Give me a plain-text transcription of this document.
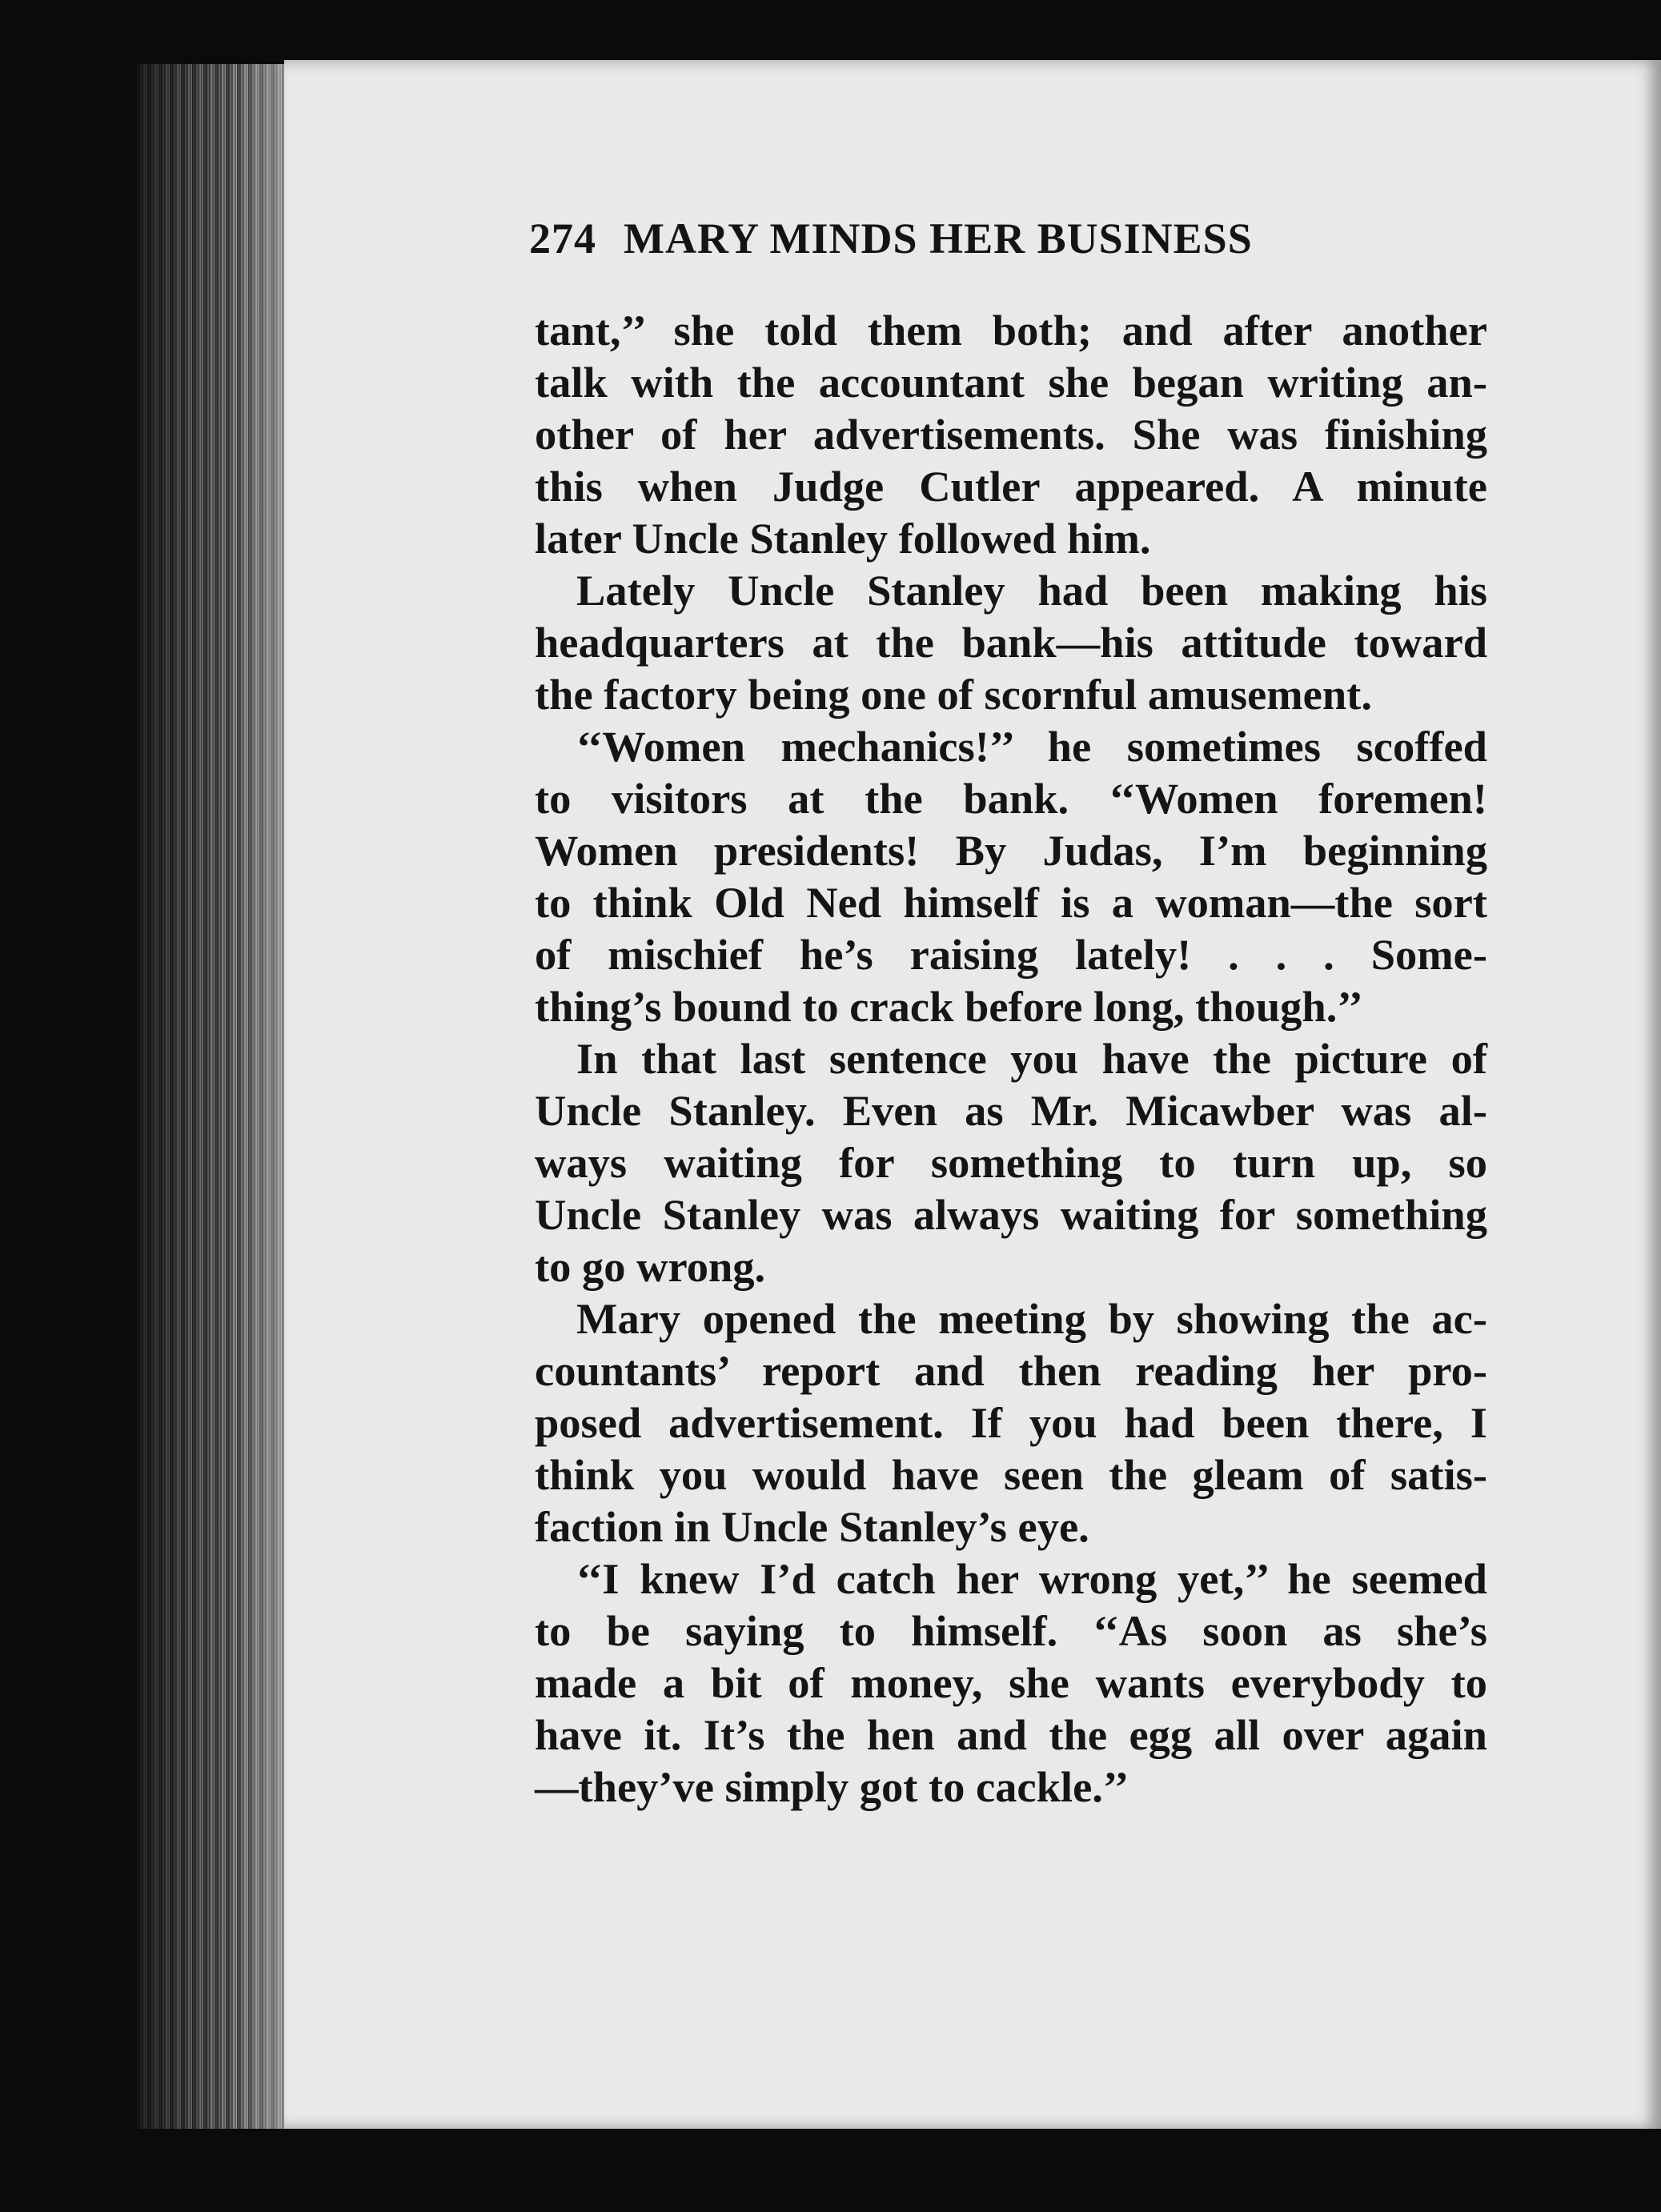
274 MARY MINDS HER BUSINESS
tant,’’ she told them both; and after another
talk with the accountant she began writing an-
other of her advertisements. She was finishing
this when Judge Cutler appeared. A minute
later Uncle Stanley followed him.
Lately Uncle Stanley had been making his
headquarters at the bank—his attitude toward
the factory being one of scornful amusement.
‘‘Women mechanics!’’ he sometimes scoffed
to visitors at the bank. ‘‘Women foremen!
Women presidents! By Judas, I’m beginning
to think Old Ned himself is a woman—the sort
of mischief he’s raising lately! . . . Some-
thing’s bound to crack before long, though.’’
In that last sentence you have the picture of
Uncle Stanley. Even as Mr. Micawber was al-
ways waiting for something to turn up, so
Uncle Stanley was always waiting for something
to go wrong.
Mary opened the meeting by showing the ac-
countants’ report and then reading her pro-
posed advertisement. If you had been there, I
think you would have seen the gleam of satis-
faction in Uncle Stanley’s eye.
‘‘I knew I’d catch her wrong yet,’’ he seemed
to be saying to himself. ‘‘As soon as she’s
made a bit of money, she wants everybody to
have it. It’s the hen and the egg all over again
—they’ve simply got to cackle.’’
